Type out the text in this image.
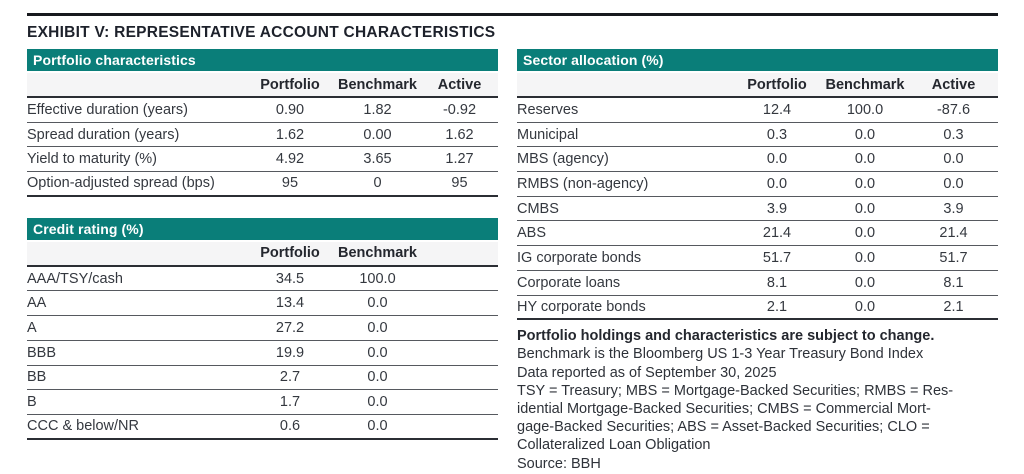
EXHIBIT V: REPRESENTATIVE ACCOUNT CHARACTERISTICS
Portfolio characteristics
Portfolio	Benchmark	Active
Effective duration (years)	0.90	1.82	-0.92
Spread duration (years)	1.62	0.00	1.62
Yield to maturity (%)	4.92	3.65	1.27
Option-adjusted spread (bps)	95	0	95
Credit rating (%)
Portfolio	Benchmark
AAA/TSY/cash	34.5	100.0
AA	13.4	0.0
A	27.2	0.0
BBB	19.9	0.0
BB	2.7	0.0
B	1.7	0.0
CCC & below/NR	0.6	0.0
Sector allocation (%)
Portfolio	Benchmark	Active
Reserves	12.4	100.0	-87.6
Municipal	0.3	0.0	0.3
MBS (agency)	0.0	0.0	0.0
RMBS (non-agency)	0.0	0.0	0.0
CMBS	3.9	0.0	3.9
ABS	21.4	0.0	21.4
IG corporate bonds	51.7	0.0	51.7
Corporate loans	8.1	0.0	8.1
HY corporate bonds	2.1	0.0	2.1
Portfolio holdings and characteristics are subject to change.
Benchmark is the Bloomberg US 1-3 Year Treasury Bond Index
Data reported as of September 30, 2025
TSY = Treasury; MBS = Mortgage-Backed Securities; RMBS = Res-
idential Mortgage-Backed Securities; CMBS = Commercial Mort-
gage-Backed Securities; ABS = Asset-Backed Securities; CLO =
Collateralized Loan Obligation
Source: BBH
